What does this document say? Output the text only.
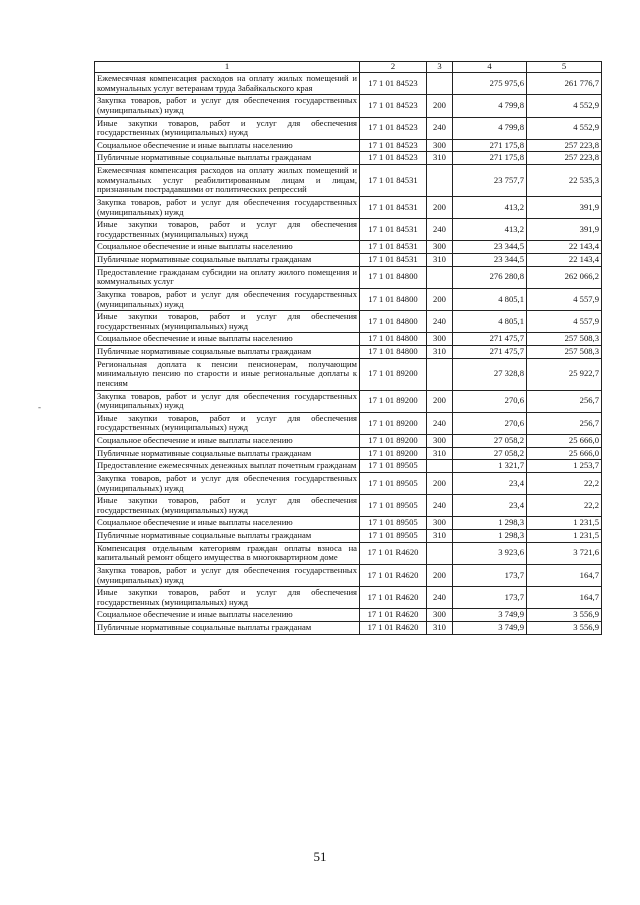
-
1	2	3	4	5
Ежемесячная компенсация расходов на оплату жилых помещений и коммунальных услуг ветеранам труда Забайкальского края	17 1 01 84523		275 975,6	261 776,7
Закупка товаров, работ и услуг для обеспечения государственных (муниципальных) нужд	17 1 01 84523	200	4 799,8	4 552,9
Иные закупки товаров, работ и услуг для обеспечения государственных (муниципальных) нужд	17 1 01 84523	240	4 799,8	4 552,9
Социальное обеспечение и иные выплаты населению	17 1 01 84523	300	271 175,8	257 223,8
Публичные нормативные социальные выплаты гражданам	17 1 01 84523	310	271 175,8	257 223,8
Ежемесячная компенсация расходов на оплату жилых помещений и коммунальных услуг реабилитированным лицам и лицам, признанным пострадавшими от политических репрессий	17 1 01 84531		23 757,7	22 535,3
Закупка товаров, работ и услуг для обеспечения государственных (муниципальных) нужд	17 1 01 84531	200	413,2	391,9
Иные закупки товаров, работ и услуг для обеспечения государственных (муниципальных) нужд	17 1 01 84531	240	413,2	391,9
Социальное обеспечение и иные выплаты населению	17 1 01 84531	300	23 344,5	22 143,4
Публичные нормативные социальные выплаты гражданам	17 1 01 84531	310	23 344,5	22 143,4
Предоставление гражданам субсидии на оплату жилого помещения и коммунальных услуг	17 1 01 84800		276 280,8	262 066,2
Закупка товаров, работ и услуг для обеспечения государственных (муниципальных) нужд	17 1 01 84800	200	4 805,1	4 557,9
Иные закупки товаров, работ и услуг для обеспечения государственных (муниципальных) нужд	17 1 01 84800	240	4 805,1	4 557,9
Социальное обеспечение и иные выплаты населению	17 1 01 84800	300	271 475,7	257 508,3
Публичные нормативные социальные выплаты гражданам	17 1 01 84800	310	271 475,7	257 508,3
Региональная доплата к пенсии пенсионерам, получающим минимальную пенсию по старости и иные региональные доплаты к пенсиям	17 1 01 89200		27 328,8	25 922,7
Закупка товаров, работ и услуг для обеспечения государственных (муниципальных) нужд	17 1 01 89200	200	270,6	256,7
Иные закупки товаров, работ и услуг для обеспечения государственных (муниципальных) нужд	17 1 01 89200	240	270,6	256,7
Социальное обеспечение и иные выплаты населению	17 1 01 89200	300	27 058,2	25 666,0
Публичные нормативные социальные выплаты гражданам	17 1 01 89200	310	27 058,2	25 666,0
Предоставление ежемесячных денежных выплат почетным гражданам	17 1 01 89505		1 321,7	1 253,7
Закупка товаров, работ и услуг для обеспечения государственных (муниципальных) нужд	17 1 01 89505	200	23,4	22,2
Иные закупки товаров, работ и услуг для обеспечения государственных (муниципальных) нужд	17 1 01 89505	240	23,4	22,2
Социальное обеспечение и иные выплаты населению	17 1 01 89505	300	1 298,3	1 231,5
Публичные нормативные социальные выплаты гражданам	17 1 01 89505	310	1 298,3	1 231,5
Компенсация отдельным категориям граждан оплаты взноса на капитальный ремонт общего имущества в многоквартирном доме	17 1 01 R4620		3 923,6	3 721,6
Закупка товаров, работ и услуг для обеспечения государственных (муниципальных) нужд	17 1 01 R4620	200	173,7	164,7
Иные закупки товаров, работ и услуг для обеспечения государственных (муниципальных) нужд	17 1 01 R4620	240	173,7	164,7
Социальное обеспечение и иные выплаты населению	17 1 01 R4620	300	3 749,9	3 556,9
Публичные нормативные социальные выплаты гражданам	17 1 01 R4620	310	3 749,9	3 556,9
51
